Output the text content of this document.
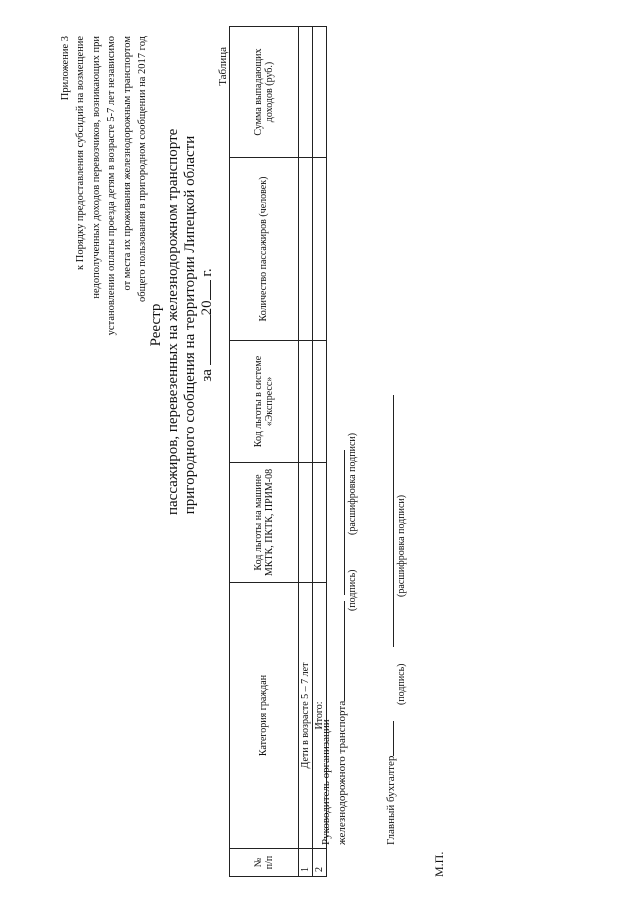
Приложение 3 к Порядку предоставления субсидий на возмещение недополученных доходов перевозчиков, возникающих при установлении оплаты проезда детям в возрасте 5-7 лет независимо от места их проживания железнодорожным транспортом общего пользования в пригородном сообщении на 2017 год
Реестр пассажиров, перевезенных на железнодорожном транспорте пригородного сообщения на территории Липецкой области за 20 г.
Таблица
№ п/п	Категория граждан	Код льготы на машине МКТК, ПКТК, ПРИМ-08	Код льготы в системе «Экспресс»	Количество пассажиров (человек)	Сумма выпадающих доходов (руб.)
1	Дети в возрасте 5 – 7 лет				
2	Итого:				
Руководитель организации железнодорожного транспорта
(подпись)
(расшифровка подписи)
Главный бухгалтер
(подпись)
(расшифровка подписи)
М.П.
